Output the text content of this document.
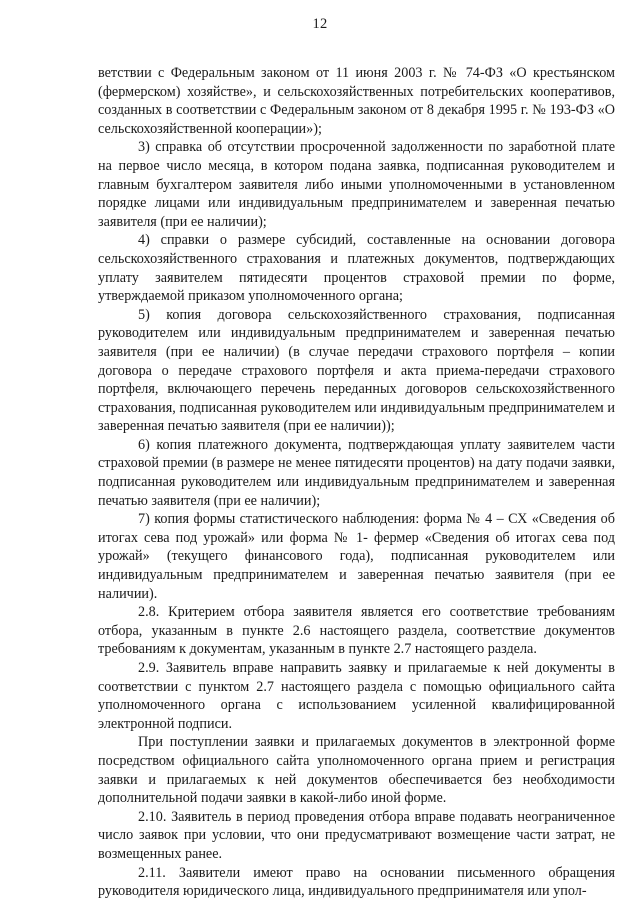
12

ветствии с Федеральным законом от 11 июня 2003 г. № 74-ФЗ «О крестьянском (фермерском) хозяйстве», и сельскохозяйственных потребительских кооперативов, созданных в соответствии с Федеральным законом от 8 декабря 1995 г. № 193-ФЗ «О сельскохозяйственной кооперации»);

3) справка об отсутствии просроченной задолженности по заработной плате на первое число месяца, в котором подана заявка, подписанная руководителем и главным бухгалтером заявителя либо иными уполномоченными в установленном порядке лицами или индивидуальным предпринимателем и заверенная печатью заявителя (при ее наличии);

4) справки о размере субсидий, составленные на основании договора сельскохозяйственного страхования и платежных документов, подтверждающих уплату заявителем пятидесяти процентов страховой премии по форме, утверждаемой приказом уполномоченного органа;

5) копия договора сельскохозяйственного страхования, подписанная руководителем или индивидуальным предпринимателем и заверенная печатью заявителя (при ее наличии) (в случае передачи страхового портфеля – копии договора о передаче страхового портфеля и акта приема-передачи страхового портфеля, включающего перечень переданных договоров сельскохозяйственного страхования, подписанная руководителем или индивидуальным предпринимателем и заверенная печатью заявителя (при ее наличии));

6) копия платежного документа, подтверждающая уплату заявителем части страховой премии (в размере не менее пятидесяти процентов) на дату подачи заявки, подписанная руководителем или индивидуальным предпринимателем и заверенная печатью заявителя (при ее наличии);

7) копия формы статистического наблюдения: форма № 4 – СХ «Сведения об итогах сева под урожай» или форма № 1- фермер «Сведения об итогах сева под урожай» (текущего финансового года), подписанная руководителем или индивидуальным предпринимателем и заверенная печатью заявителя (при ее наличии).

2.8. Критерием отбора заявителя является его соответствие требованиям отбора, указанным в пункте 2.6 настоящего раздела, соответствие документов требованиям к документам, указанным в пункте 2.7 настоящего раздела.

2.9. Заявитель вправе направить заявку и прилагаемые к ней документы в соответствии с пунктом 2.7 настоящего раздела с помощью официального сайта уполномоченного органа с использованием усиленной квалифицированной электронной подписи.

При поступлении заявки и прилагаемых документов в электронной форме посредством официального сайта уполномоченного органа прием и регистрация заявки и прилагаемых к ней документов обеспечивается без необходимости дополнительной подачи заявки в какой-либо иной форме.

2.10. Заявитель в период проведения отбора вправе подавать неограниченное число заявок при условии, что они предусматривают возмещение части затрат, не возмещенных ранее.

2.11. Заявители имеют право на основании письменного обращения руководителя юридического лица, индивидуального предпринимателя или упол-
